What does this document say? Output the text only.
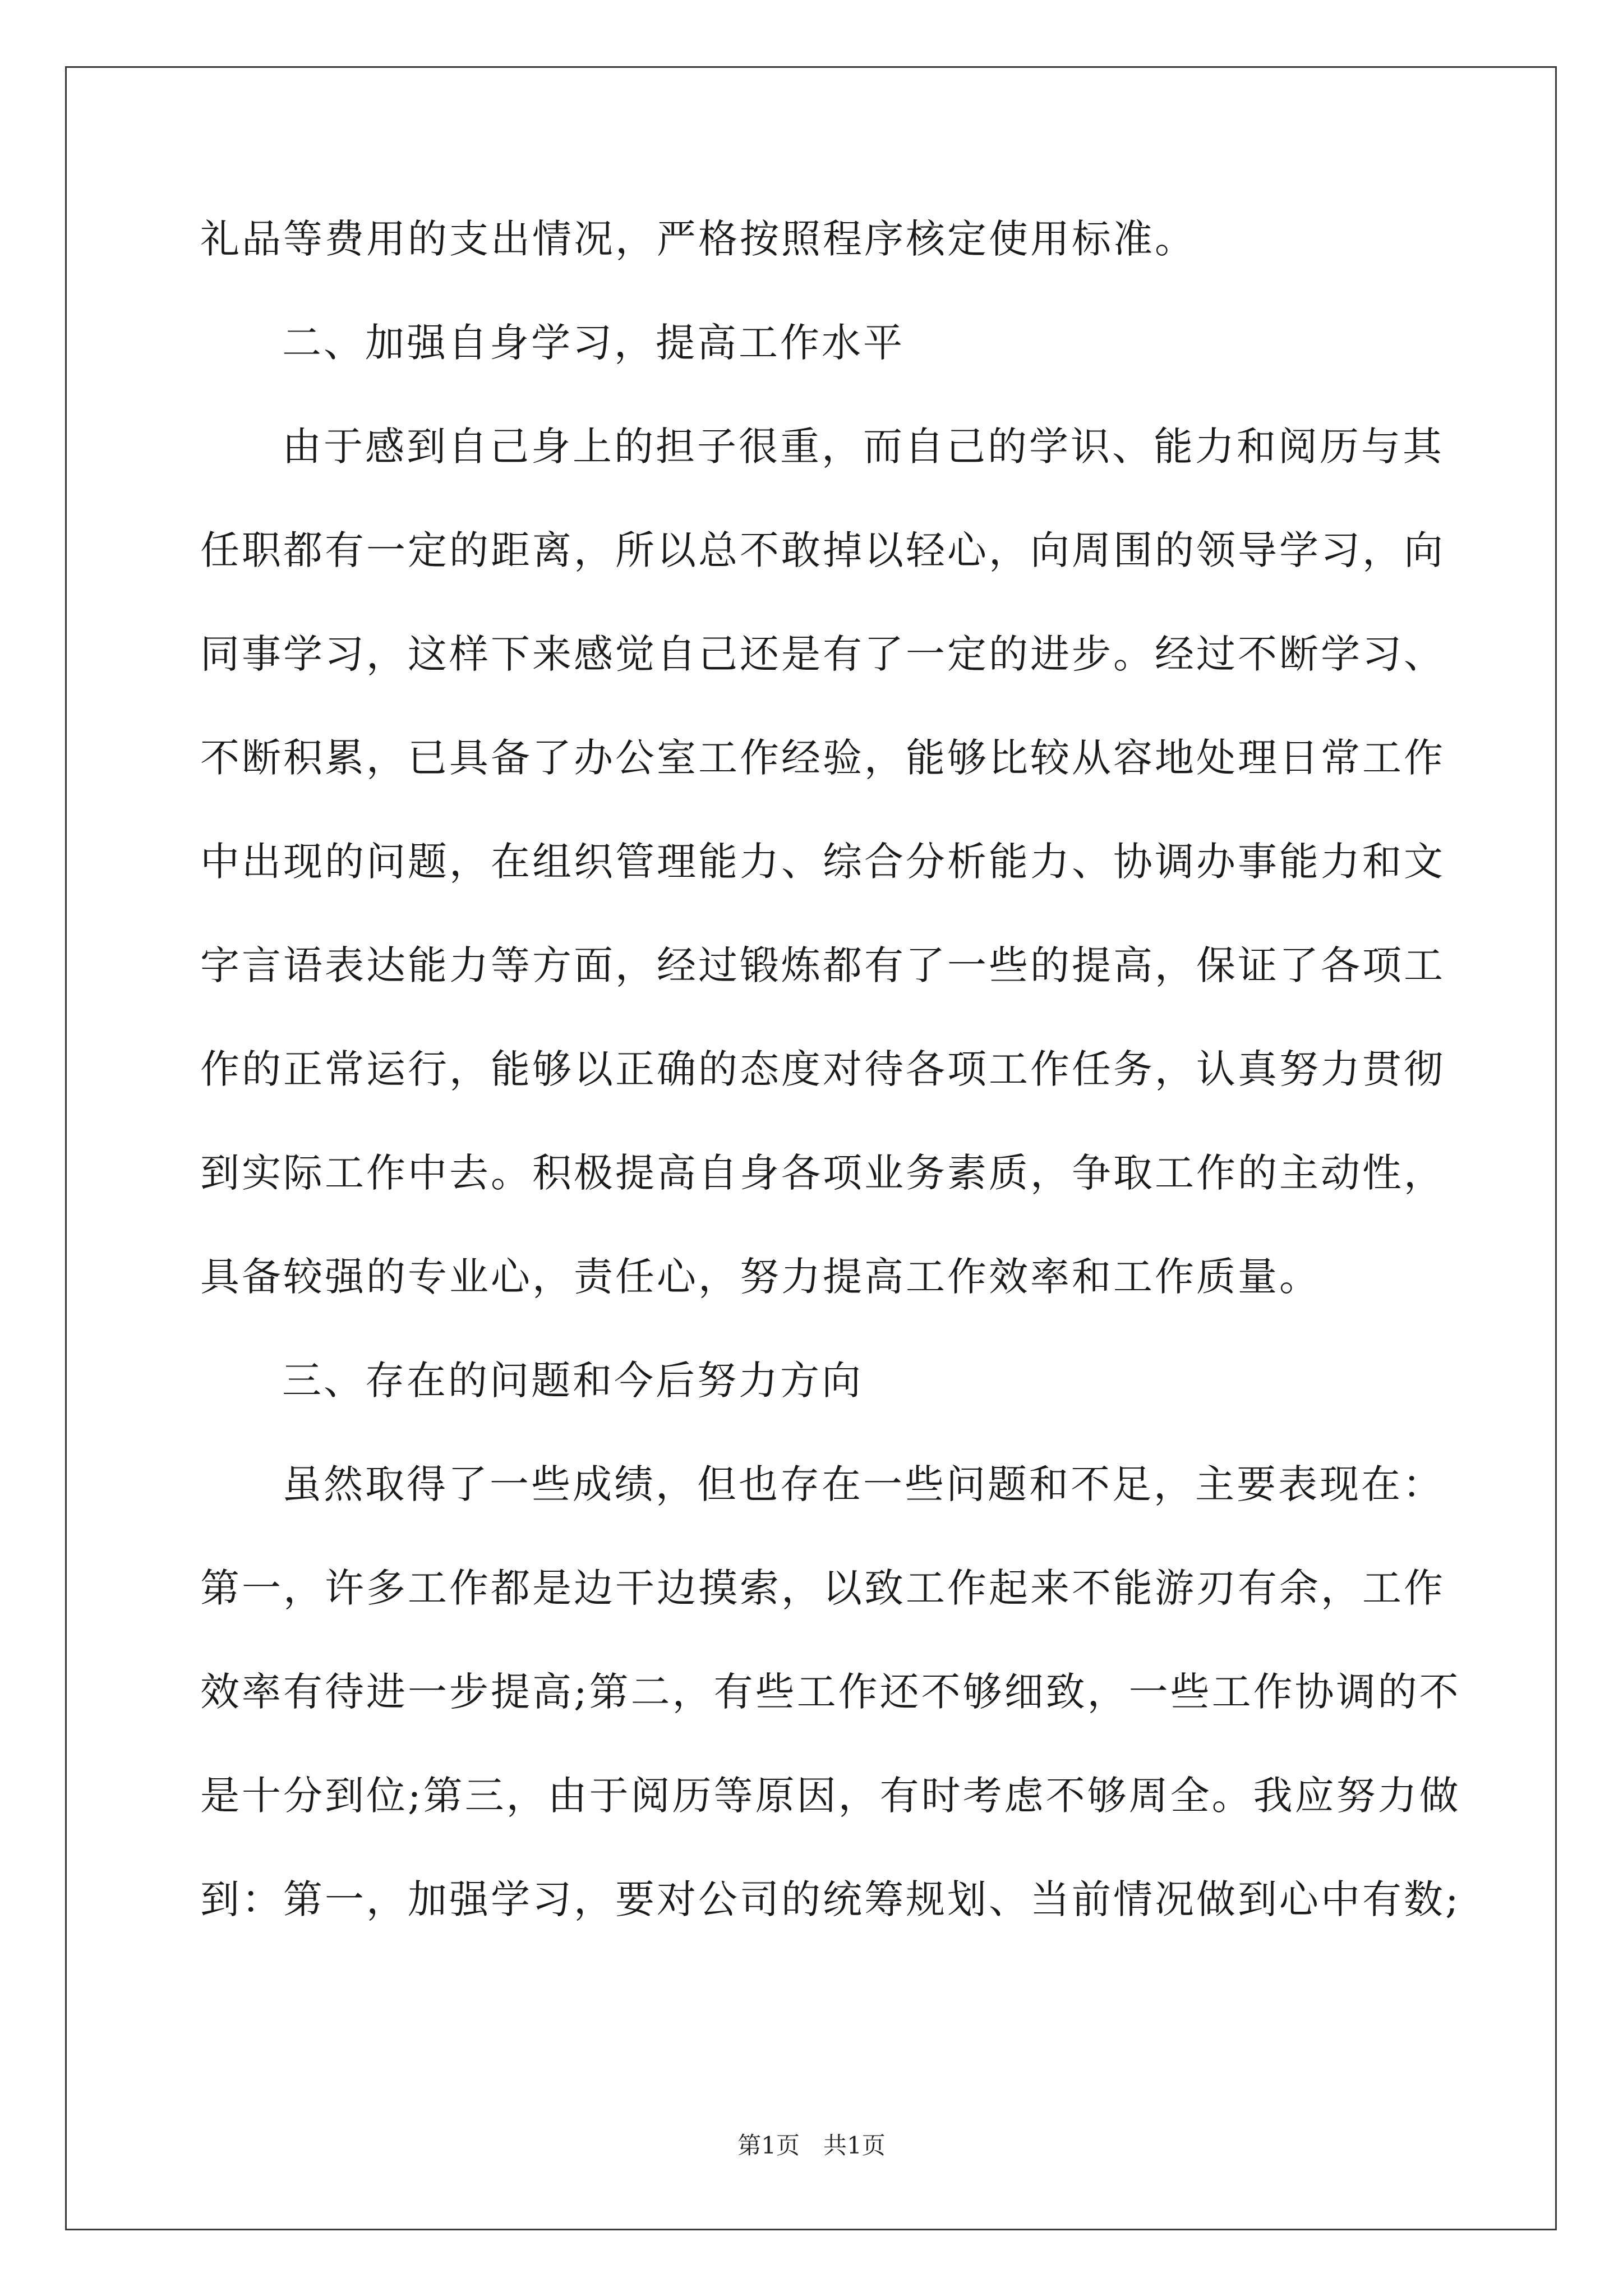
礼品等费用的支出情况，严格按照程序核定使用标准。
二、加强自身学习，提高工作水平
由于感到自己身上的担子很重，而自己的学识、能力和阅历与其
任职都有一定的距离，所以总不敢掉以轻心，向周围的领导学习，向
同事学习，这样下来感觉自己还是有了一定的进步。经过不断学习、
不断积累，已具备了办公室工作经验，能够比较从容地处理日常工作
中出现的问题，在组织管理能力、综合分析能力、协调办事能力和文
字言语表达能力等方面，经过锻炼都有了一些的提高，保证了各项工
作的正常运行，能够以正确的态度对待各项工作任务，认真努力贯彻
到实际工作中去。积极提高自身各项业务素质，争取工作的主动性，
具备较强的专业心，责任心，努力提高工作效率和工作质量。
三、存在的问题和今后努力方向
虽然取得了一些成绩，但也存在一些问题和不足，主要表现在：
第一，许多工作都是边干边摸索，以致工作起来不能游刃有余，工作
效率有待进一步提高;第二，有些工作还不够细致，一些工作协调的不
是十分到位;第三，由于阅历等原因，有时考虑不够周全。我应努力做
到：第一，加强学习，要对公司的统筹规划、当前情况做到心中有数;
第1页　共1页
